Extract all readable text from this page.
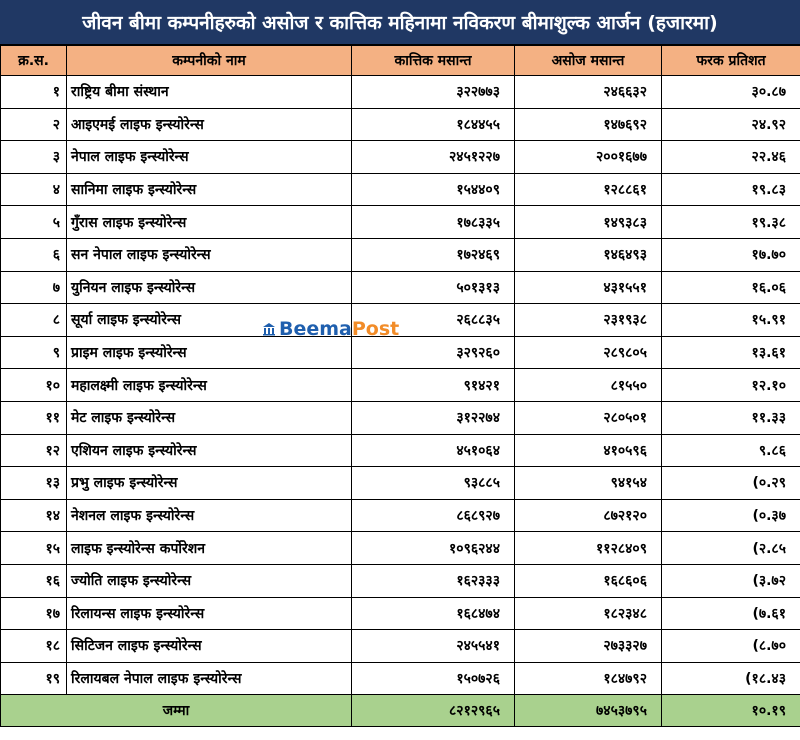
जीवन बीमा कम्पनीहरुको असोज र कात्तिक महिनामा नविकरण बीमाशुल्क आर्जन (हजारमा)
क्र.स.	कम्पनीको नाम	कात्तिक मसान्त	असोज मसान्त	फरक प्रतिशत
१	राष्ट्रिय बीमा संस्थान	३२२७७३	२४६६३२	३०.८७
२	आइएमई लाइफ इन्स्योरेन्स	१८४४५५	१४७६९२	२४.९२
३	नेपाल लाइफ इन्स्योरेन्स	२४५१२२७	२००१६७७	२२.४६
४	सानिमा लाइफ इन्स्योरेन्स	१५४४०९	१२८८६१	१९.८३
५	गुँरास लाइफ इन्स्योरेन्स	१७८३३५	१४९३८३	१९.३८
६	सन नेपाल लाइफ इन्स्योरेन्स	१७२४६९	१४६४९३	१७.७०
७	युनियन लाइफ इन्स्योरेन्स	५०१३१३	४३१५५१	१६.०६
८	सूर्या लाइफ इन्स्योरेन्स	२६८८३५	२३१९३८	१५.९१
९	प्राइम लाइफ इन्स्योरेन्स	३२९२६०	२८९८०५	१३.६१
१०	महालक्ष्मी लाइफ इन्स्योरेन्स	९१४२१	८१५५०	१२.१०
११	मेट लाइफ इन्स्योरेन्स	३१२२७४	२८०५०१	११.३३
१२	एशियन लाइफ इन्स्योरेन्स	४५१०६४	४१०५९६	९.८६
१३	प्रभु लाइफ इन्स्योरेन्स	९३८८५	९४१५४	(०.२९
१४	नेशनल लाइफ इन्स्योरेन्स	८६८९२७	८७२१२०	(०.३७
१५	लाइफ इन्स्योरेन्स कर्पोरेशन	१०९६२४४	११२८४०९	(२.८५
१६	ज्योति लाइफ इन्स्योरेन्स	१६२३३३	१६८६०६	(३.७२
१७	रिलायन्स लाइफ इन्स्योरेन्स	१६८४७४	१८२३४८	(७.६१
१८	सिटिजन लाइफ इन्स्योरेन्स	२४५५४१	२७३३२७	(८.७०
१९	रिलायबल नेपाल लाइफ इन्स्योरेन्स	१५०७२६	१८४७९२	(१८.४३
जम्मा		८२१२९६५	७४५३७९५	१०.१९
Beema Post
